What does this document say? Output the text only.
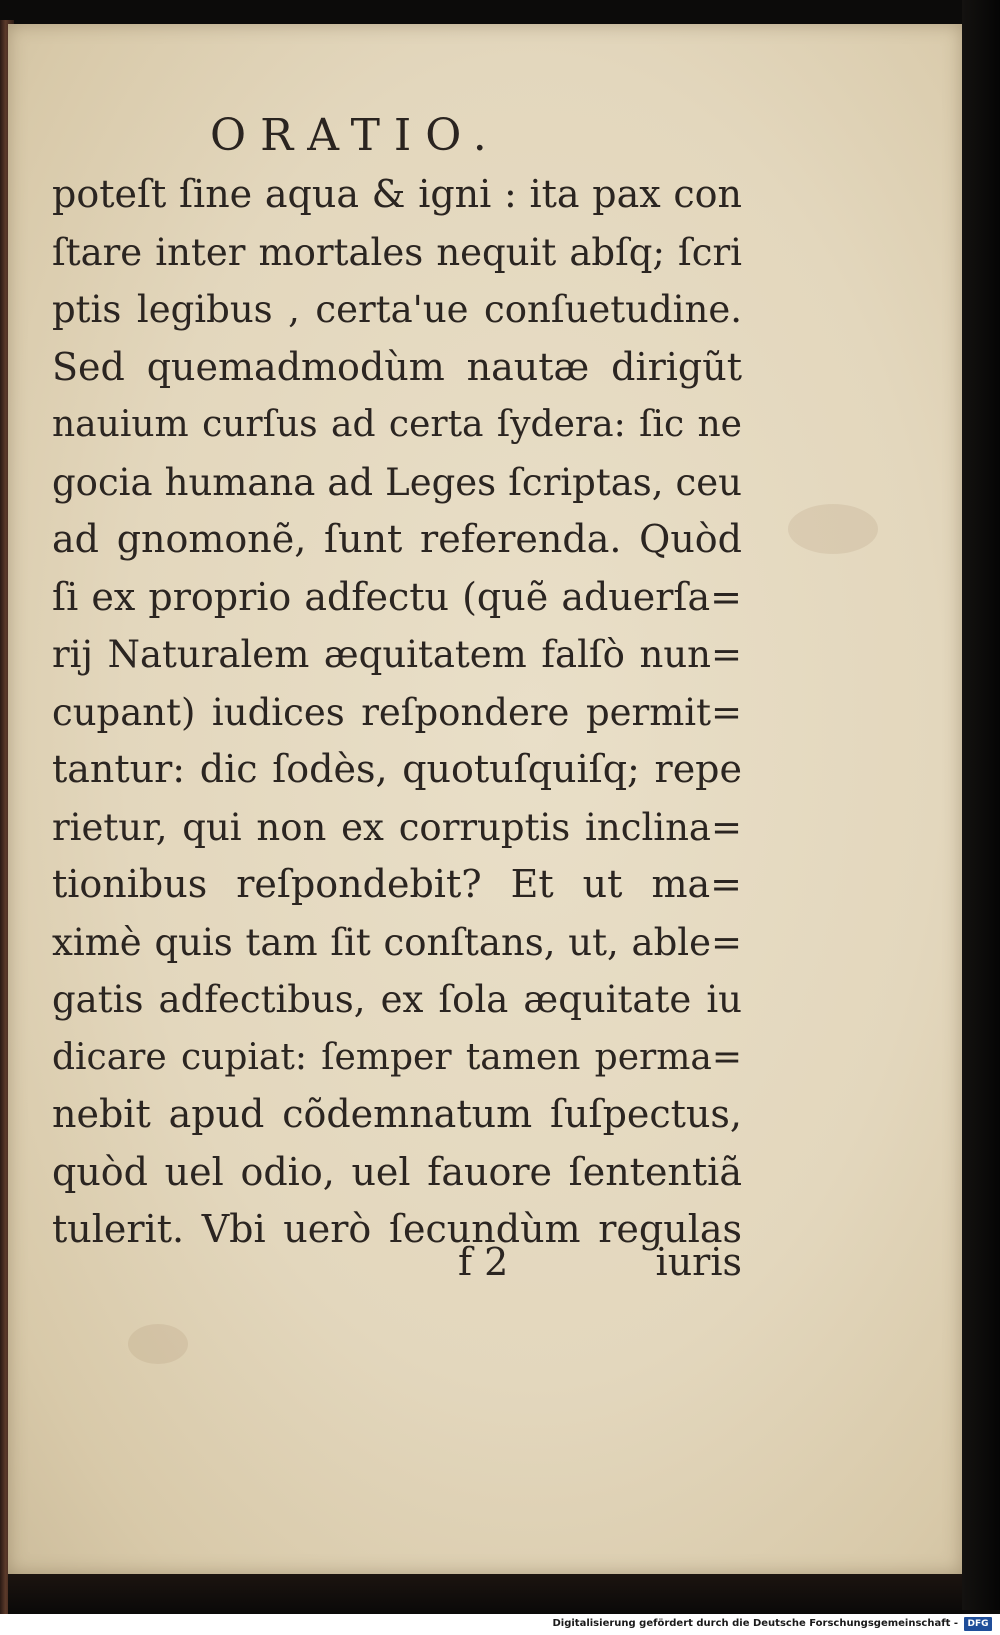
ORATIO.
poteſt ſine aqua & igni : ita pax con
ſtare inter mortales nequit abſq; ſcri
ptis legibus , certa'ue conſuetudine.
Sed quemadmodùm nautæ dirigũt
nauium curſus ad certa ſydera: ſic ne
gocia humana ad Leges ſcriptas, ceu
ad gnomonẽ, ſunt referenda. Quòd
ſi ex proprio adfectu (quẽ aduerſa=
rij Naturalem æquitatem falſò nun=
cupant) iudices reſpondere permit=
tantur: dic ſodès, quotuſquiſq; repe
rietur, qui non ex corruptis inclina=
tionibus reſpondebit? Et ut ma=
ximè quis tam ſit conſtans, ut, able=
gatis adfectibus, ex ſola æquitate iu
dicare cupiat: ſemper tamen perma=
nebit apud cõdemnatum ſuſpectus,
quòd uel odio, uel fauore ſententiã
tulerit. Vbi uerò ſecundùm regulas
f 2	iuris
Digitalisierung gefördert durch die Deutsche Forschungsgemeinschaft -	DFG
